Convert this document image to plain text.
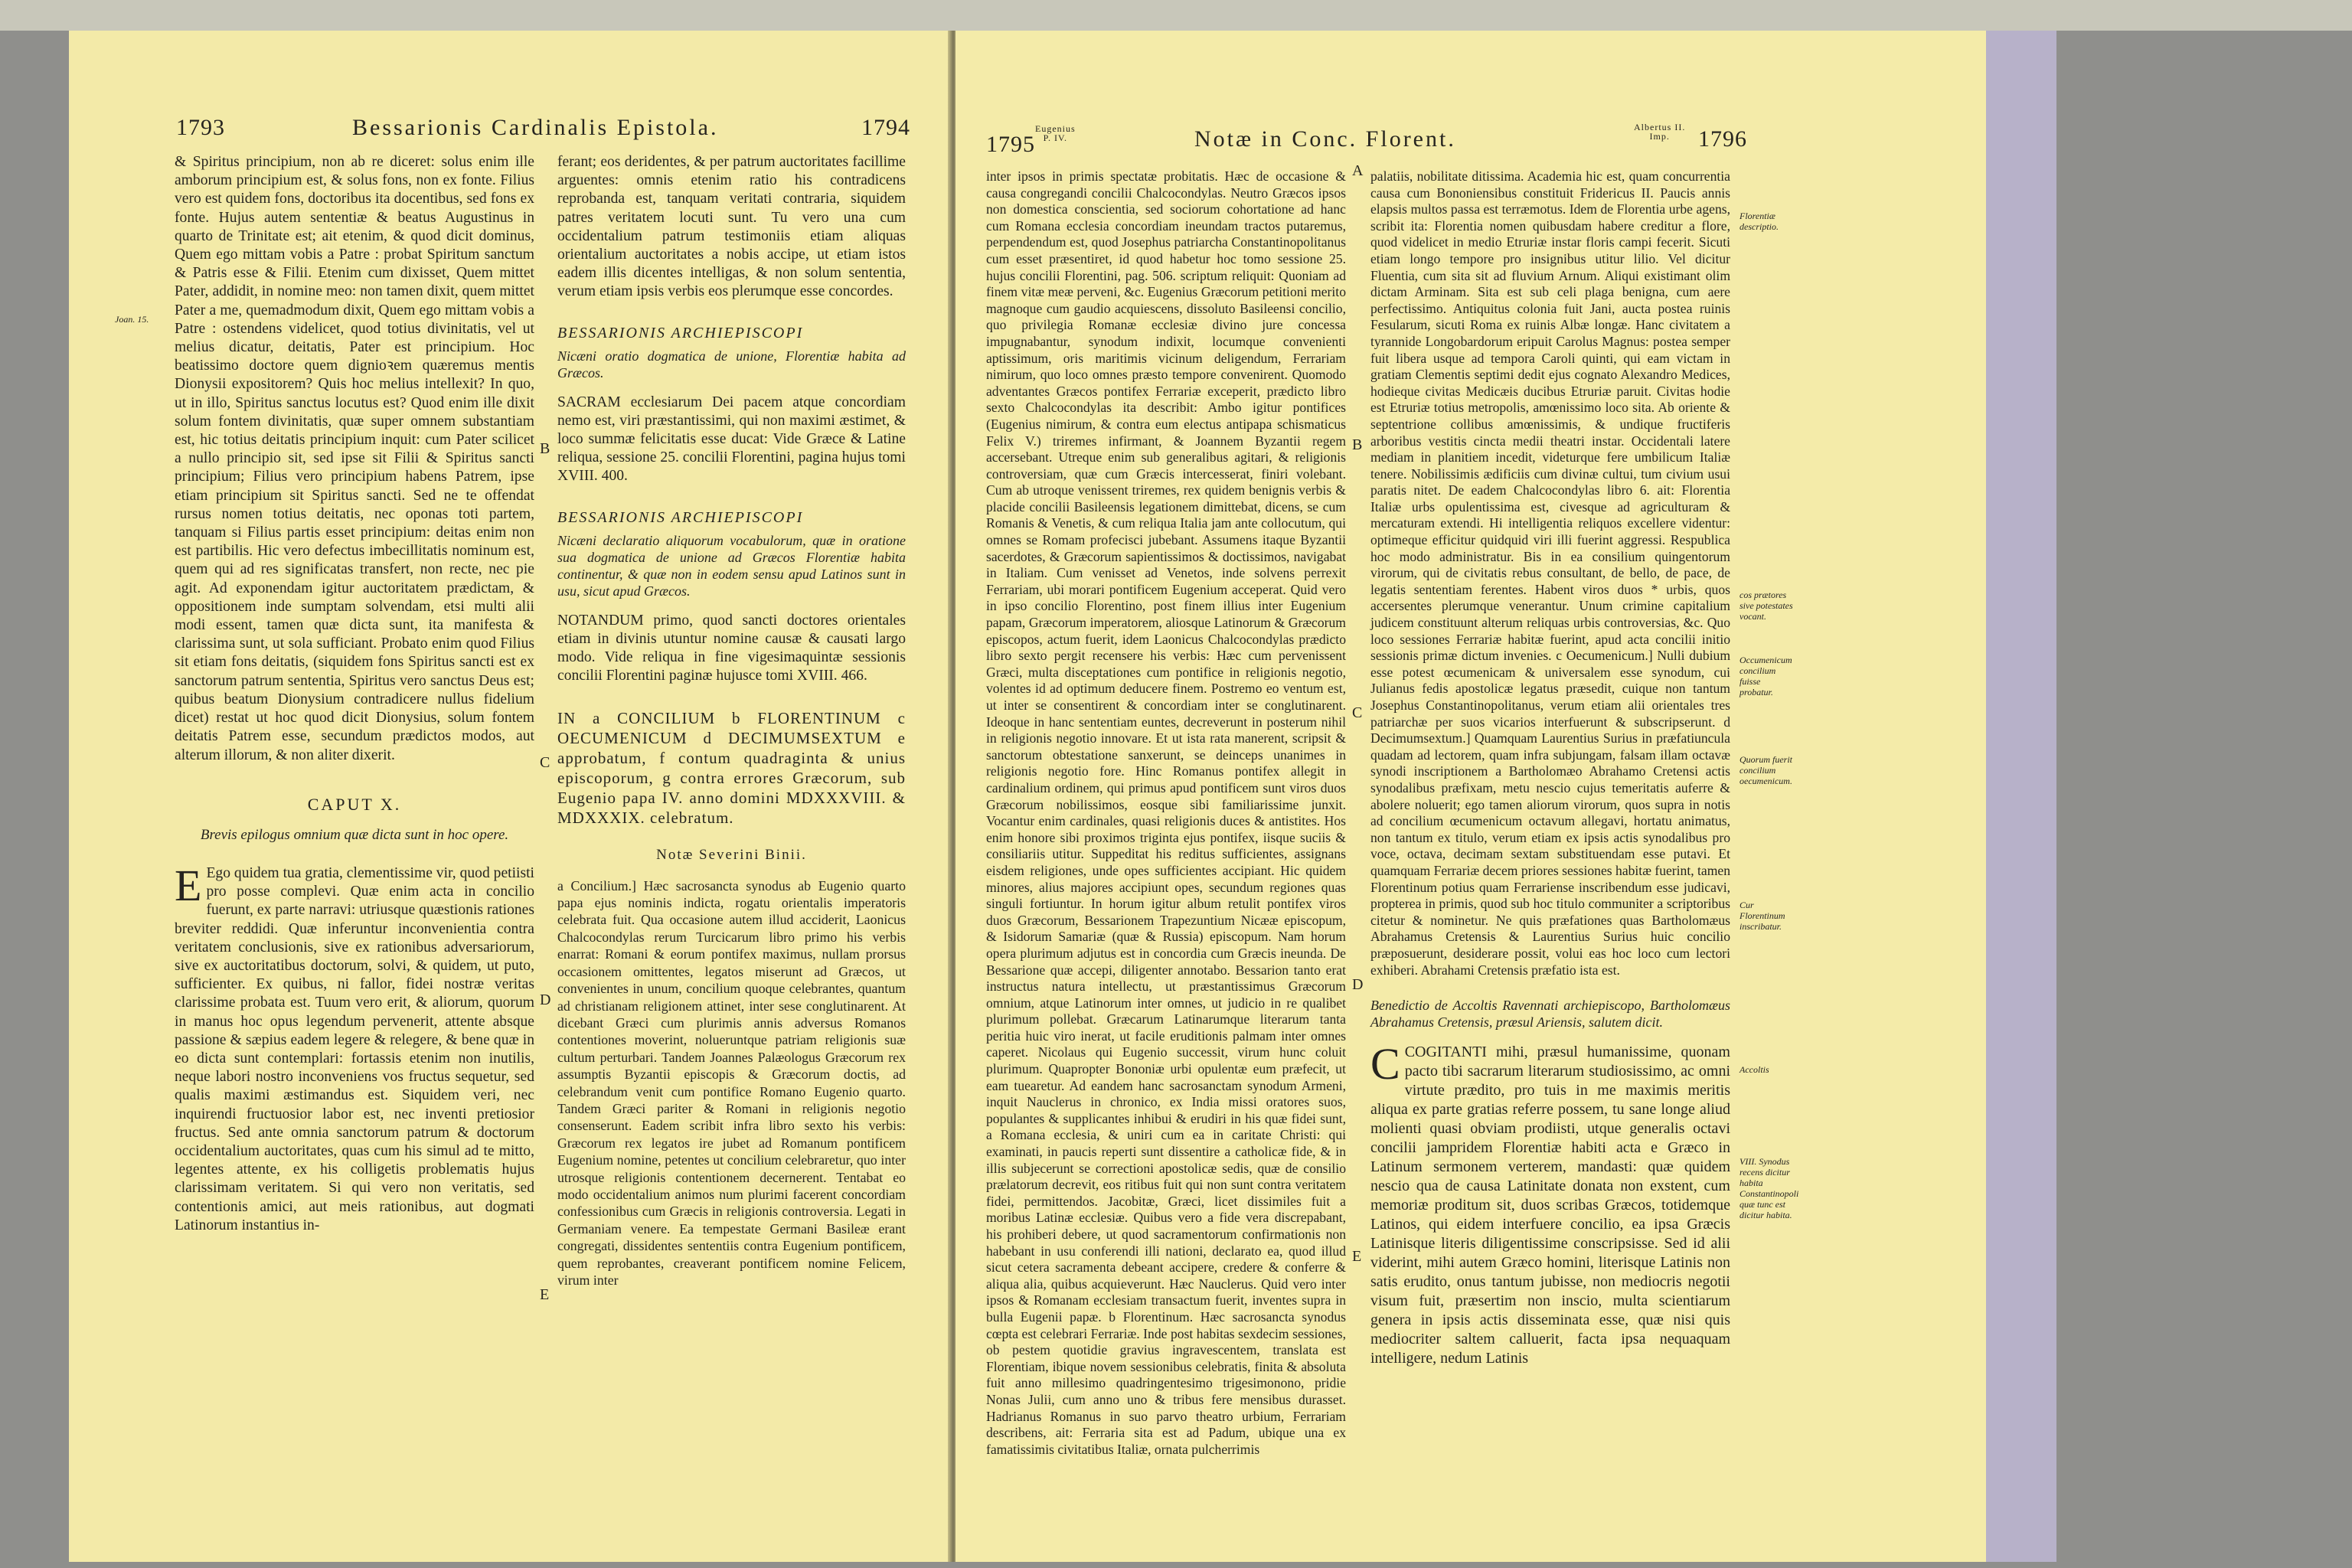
1793	Bessarionis Cardinalis Epistola.	1794

& Spiritus principium, non ab re diceret: solus enim ille amborum principium est, & solus fons, non ex fonte. Filius vero est quidem fons, doctoribus ita docentibus, sed fons ex fonte. Hujus autem sententiæ & beatus Augustinus in quarto de Trinitate est; ait etenim, & quod dicit dominus, Quem ego mittam vobis a Patre : probat Spiritum sanctum & Patris esse & Filii. Etenim cum dixisset, Quem mittet Pater, addidit, in nomine meo: non tamen dixit, quem mittet Pater a me, quemadmodum dixit, Quem ego mittam vobis a Patre : ostendens videlicet, quod totius divinitatis, vel ut melius dicatur, deitatis, Pater est principium. Hoc beatissimo doctore quem dignioꝛem quæremus mentis Dionysii expositorem? Quis hoc melius intellexit? In quo, ut in illo, Spiritus sanctus locutus est? Quod enim ille dixit solum fontem divinitatis, quæ super omnem substantiam est, hic totius deitatis principium inquit: cum Pater scilicet a nullo principio sit, sed ipse sit Filii & Spiritus sancti principium; Filius vero principium habens Patrem, ipse etiam principium sit Spiritus sancti. Sed ne te offendat rursus nomen totius deitatis, nec oponas toti partem, tanquam si Filius partis esset principium: deitas enim non est partibilis. Hic vero defectus imbecillitatis nominum est, quem qui ad res significatas transfert, non recte, nec pie agit. Ad exponendam igitur auctoritatem prædictam, & oppositionem inde sumptam solvendam, etsi multi alii modi essent, tamen quæ dicta sunt, ita manifesta & clarissima sunt, ut sola sufficiant. Probato enim quod Filius sit etiam fons deitatis, (siquidem fons Spiritus sancti est ex sanctorum patrum sententia, Spiritus vero sanctus Deus est; quibus beatum Dionysium contradicere nullus fidelium dicet) restat ut hoc quod dicit Dionysius, solum fontem deitatis Patrem esse, secundum prædictos modos, aut alterum illorum, & non aliter dixerit.

CAPUT X.
Brevis epilogus omnium quæ dicta sunt in hoc opere.

E Ego quidem tua gratia, clementissime vir, quod petiisti pro posse complevi. Quæ enim acta in concilio fuerunt, ex parte narravi: utriusque quæstionis rationes breviter reddidi. Quæ inferuntur inconvenientia contra veritatem conclusionis, sive ex rationibus adversariorum, sive ex auctoritatibus doctorum, solvi, & quidem, ut puto, sufficienter. Ex quibus, ni fallor, fidei nostræ veritas clarissime probata est. Tuum vero erit, & aliorum, quorum in manus hoc opus legendum pervenerit, attente absque passione & sæpius eadem legere & relegere, & bene quæ in eo dicta sunt contemplari: fortassis etenim non inutilis, neque labori nostro inconveniens vos fructus sequetur, sed qualis maximi æstimandus est. Siquidem veri, nec inquirendi fructuosior labor est, nec inventi pretiosior fructus. Sed ante omnia sanctorum patrum & doctorum occidentalium auctoritates, quas cum his simul ad te mitto, legentes attente, ex his colligetis problematis hujus clarissimam veritatem. Si qui vero non veritatis, sed contentionis amici, aut meis rationibus, aut dogmati Latinorum instantius in-

ferant; eos deridentes, & per patrum auctoritates facillime arguentes: omnis etenim ratio his contradicens reprobanda est, tanquam veritati contraria, siquidem patres veritatem locuti sunt. Tu vero una cum occidentalium patrum testimoniis etiam aliquas orientalium auctoritates a nobis accipe, ut etiam istos eadem illis dicentes intelligas, & non solum sententia, verum etiam ipsis verbis eos plerumque esse concordes.

BESSARIONIS ARCHIEPISCOPI
Nicæni oratio dogmatica de unione, Florentiæ habita ad Græcos.

SACRAM ecclesiarum Dei pacem atque concordiam nemo est, viri præstantissimi, qui non maximi æstimet, & loco summæ felicitatis esse ducat: Vide Græce & Latine reliqua, sessione 25. concilii Florentini, pagina hujus tomi XVIII. 400.

BESSARIONIS ARCHIEPISCOPI
Nicæni declaratio aliquorum vocabulorum, quæ in oratione sua dogmatica de unione ad Græcos Florentiæ habita continentur, & quæ non in eodem sensu apud Latinos sunt in usu, sicut apud Græcos.

NOTANDUM primo, quod sancti doctores orientales etiam in divinis utuntur nomine causæ & causati largo modo. Vide reliqua in fine vigesimaquintæ sessionis concilii Florentini paginæ hujusce tomi XVIII. 466.

IN a CONCILIUM b FLORENTINUM c OECUMENICUM d DECIMUMSEXTUM e approbatum, f contum quadraginta & unius episcoporum, g contra errores Græcorum, sub Eugenio papa IV. anno domini MDXXXVIII. & MDXXXIX. celebratum.
Notæ Severini Binii.

a Concilium.] Hæc sacrosancta synodus ab Eugenio quarto papa ejus nominis indicta, rogatu orientalis imperatoris celebrata fuit. Qua occasione autem illud acciderit, Laonicus Chalcocondylas rerum Turcicarum libro primo his verbis enarrat: Romani & eorum pontifex maximus, nullam prorsus occasionem omittentes, legatos miserunt ad Græcos, ut convenientes in unum, concilium quoque celebrantes, quantum ad christianam religionem attinet, inter sese conglutinarent. At dicebant Græci cum plurimis annis adversus Romanos contentiones moverint, nolueruntque patriam religionis suæ cultum perturbari. Tandem Joannes Palæologus Græcorum rex assumptis Byzantii episcopis & Græcorum doctis, ad celebrandum venit cum pontifice Romano Eugenio quarto. Tandem Græci pariter & Romani in religionis negotio consenserunt. Eadem scribit infra libro sexto his verbis: Græcorum rex legatos ire jubet ad Romanum pontificem Eugenium nomine, petentes ut concilium celebraretur, quo inter utrosque religionis contentionem decernerent. Tentabat eo modo occidentalium animos num plurimi facerent concordiam confessionibus cum Græcis in religionis controversia. Legati in Germaniam venere. Ea tempestate Germani Basileæ erant congregati, dissidentes sententiis contra Eugenium pontificem, quem reprobantes, creaverant pontificem nomine Felicem, virum inter

Joan. 15.
B
C
D
E
1795
Eugenius
P. IV.	Notæ in Conc. Florent.	Albertus II.
Imp.	1796

inter ipsos in primis spectatæ probitatis. Hæc de occasione & causa congregandi concilii Chalcocondylas. Neutro Græcos ipsos non domestica conscientia, sed sociorum cohortatione ad hanc cum Romana ecclesia concordiam ineundam tractos putaremus, perpendendum est, quod Josephus patriarcha Constantinopolitanus cum esset præsentiret, id quod habetur hoc tomo sessione 25. hujus concilii Florentini, pag. 506. scriptum reliquit: Quoniam ad finem vitæ meæ perveni, &c. Eugenius Græcorum petitioni merito magnoque cum gaudio acquiescens, dissoluto Basileensi concilio, quo privilegia Romanæ ecclesiæ divino jure concessa impugnabantur, synodum indixit, locumque convenienti aptissimum, oris maritimis vicinum deligendum, Ferrariam nimirum, quo loco omnes præsto tempore convenirent. Quomodo adventantes Græcos pontifex Ferrariæ exceperit, prædicto libro sexto Chalcocondylas ita describit: Ambo igitur pontifices (Eugenius nimirum, & contra eum electus antipapa schismaticus Felix V.) triremes infirmant, & Joannem Byzantii regem accersebant. Utreque enim sub generalibus agitari, & religionis controversiam, quæ cum Græcis intercesserat, finiri volebant. Cum ab utroque venissent triremes, rex quidem benignis verbis & placide concilii Basileensis legationem dimittebat, dicens, se cum Romanis & Venetis, & cum reliqua Italia jam ante collocutum, qui omnes se Romam profecisci jubebant. Assumens itaque Byzantii sacerdotes, & Græcorum sapientissimos & doctissimos, navigabat in Italiam. Cum venisset ad Venetos, inde solvens perrexit Ferrariam, ubi morari pontificem Eugenium acceperat. Quid vero in ipso concilio Florentino, post finem illius inter Eugenium papam, Græcorum imperatorem, aliosque Latinorum & Græcorum episcopos, actum fuerit, idem Laonicus Chalcocondylas prædicto libro sexto pergit recensere his verbis: Hæc cum pervenissent Græci, multa disceptationes cum pontifice in religionis negotio, volentes id ad optimum deducere finem. Postremo eo ventum est, ut inter se consentirent & concordiam inter se conglutinarent. Ideoque in hanc sententiam euntes, decreverunt in posterum nihil in religionis negotio innovare. Et ut ista rata manerent, scripsit & sanctorum obtestatione sanxerunt, se deinceps unanimes in religionis negotio fore. Hinc Romanus pontifex allegit in cardinalium ordinem, qui primus apud pontificem sunt viros duos Græcorum nobilissimos, eosque sibi familiarissime junxit. Vocantur enim cardinales, quasi religionis duces & antistites. Hos enim honore sibi proximos triginta ejus pontifex, iisque suciis & consiliariis utitur. Suppeditat his reditus sufficientes, assignans eisdem religiones, unde opes sufficientes accipiant. Hic quidem minores, alius majores accipiunt opes, secundum regiones quas singuli fortiuntur. In horum igitur album retulit pontifex viros duos Græcorum, Bessarionem Trapezuntium Nicææ episcopum, & Isidorum Samariæ (quæ & Russia) episcopum. Nam horum opera plurimum adjutus est in concordia cum Græcis ineunda. De Bessarione quæ accepi, diligenter annotabo. Bessarion tanto erat instructus natura intellectu, ut præstantissimus Græcorum omnium, atque Latinorum inter omnes, ut judicio in re qualibet plurimum pollebat. Græcarum Latinarumque literarum tanta peritia huic viro inerat, ut facile eruditionis palmam inter omnes caperet. Nicolaus qui Eugenio successit, virum hunc coluit plurimum. Quapropter Bononiæ urbi opulentæ eum præfecit, ut eam tuearetur. Ad eandem hanc sacrosanctam synodum Armeni, inquit Nauclerus in chronico, ex India missi oratores suos, populantes & supplicantes inhibui & erudiri in his quæ fidei sunt, a Romana ecclesia, & uniri cum ea in caritate Christi: qui examinati, in paucis reperti sunt dissentire a catholicæ fide, & in illis subjecerunt se correctioni apostolicæ sedis, quæ de consilio prælatorum decrevit, eos ritibus fuit qui non sunt contra veritatem fidei, permittendos. Jacobitæ, Græci, licet dissimiles fuit a moribus Latinæ ecclesiæ. Quibus vero a fide vera discrepabant, his prohiberi debere, ut quod sacramentorum confirmationis non habebant in usu conferendi illi nationi, declarato ea, quod illud sicut cetera sacramenta debeant accipere, credere & conferre & aliqua alia, quibus acquieverunt. Hæc Nauclerus. Quid vero inter ipsos & Romanam ecclesiam transactum fuerit, inventes supra in bulla Eugenii papæ. b Florentinum. Hæc sacrosancta synodus cœpta est celebrari Ferrariæ. Inde post habitas sexdecim sessiones, ob pestem quotidie gravius ingravescentem, translata est Florentiam, ibique novem sessionibus celebratis, finita & absoluta fuit anno millesimo quadringentesimo trigesimonono, pridie Nonas Julii, cum anno uno & tribus fere mensibus durasset. Hadrianus Romanus in suo parvo theatro urbium, Ferrariam describens, ait: Ferraria sita est ad Padum, ubique una ex famatissimis civitatibus Italiæ, ornata pulcherrimis

palatiis, nobilitate ditissima. Academia hic est, quam concurrentia causa cum Bononiensibus constituit Fridericus II. Paucis annis elapsis multos passa est terræmotus. Idem de Florentia urbe agens, scribit ita: Florentia nomen quibusdam habere creditur a flore, quod videlicet in medio Etruriæ instar floris campi fecerit. Sicuti etiam longo tempore pro insignibus utitur lilio. Vel dicitur Fluentia, cum sita sit ad fluvium Arnum. Aliqui existimant olim dictam Arminam. Sita est sub celi plaga benigna, cum aere perfectissimo. Antiquitus colonia fuit Jani, aucta postea ruinis Fesularum, sicuti Roma ex ruinis Albæ longæ. Hanc civitatem a tyrannide Longobardorum eripuit Carolus Magnus: postea semper fuit libera usque ad tempora Caroli quinti, qui eam victam in gratiam Clementis septimi dedit ejus cognato Alexandro Medices, hodieque civitas Medicæis ducibus Etruriæ paruit. Civitas hodie est Etruriæ totius metropolis, amœnissimo loco sita. Ab oriente & septentrione collibus amœnissimis, & undique fructiferis arboribus vestitis cincta medii theatri instar. Occidentali latere mediam in planitiem incedit, videturque fere umbilicum Italiæ tenere. Nobilissimis ædificiis cum divinæ cultui, tum civium usui paratis nitet. De eadem Chalcocondylas libro 6. ait: Florentia Italiæ urbs opulentissima est, civesque ad agriculturam & mercaturam extendi. Hi intelligentia reliquos excellere videntur: optimeque efficitur quidquid viri illi fuerint aggressi. Respublica hoc modo administratur. Bis in ea consilium quingentorum virorum, qui de civitatis rebus consultant, de bello, de pace, de legatis sententiam ferentes. Habent viros duos * urbis, quos accersentes plerumque venerantur. Unum crimine capitalium judicem constituunt alterum reliquas urbis controversias, &c. Quo loco sessiones Ferrariæ habitæ fuerint, apud acta concilii initio sessionis primæ dictum invenies. c Oecumenicum.] Nulli dubium esse potest œcumenicam & universalem esse synodum, cui Julianus fedis apostolicæ legatus præsedit, cuique non tantum Josephus Constantinopolitanus, verum etiam alii orientales tres patriarchæ per suos vicarios interfuerunt & subscripserunt. d Decimumsextum.] Quamquam Laurentius Surius in præfatiuncula quadam ad lectorem, quam infra subjungam, falsam illam octavæ synodi inscriptionem a Bartholomæo Abrahamo Cretensi actis synodalibus præfixam, metu nescio cujus temeritatis auferre & abolere noluerit; ego tamen aliorum virorum, quos supra in notis ad concilium œcumenicum octavum allegavi, hortatu animatus, non tantum ex titulo, verum etiam ex ipsis actis synodalibus pro voce, octava, decimam sextam substituendam esse putavi. Et quamquam Ferrariæ decem priores sessiones habitæ fuerint, tamen Florentinum potius quam Ferrariense inscribendum esse judicavi, propterea in primis, quod sub hoc titulo communiter a scriptoribus citetur & nominetur. Ne quis præfationes quas Bartholomæus Abrahamus Cretensis & Laurentius Surius huic concilio præposuerunt, desiderare possit, volui eas hoc loco cum lectori exhiberi. Abrahami Cretensis præfatio ista est.

Benedictio de Accoltis Ravennati archiepiscopo, Bartholomæus Abrahamus Cretensis, præsul Ariensis, salutem dicit.

CCOGITANTI mihi, præsul humanissime, quonam pacto tibi sacrarum literarum studiosissimo, ac omni virtute prædito, pro tuis in me maximis meritis aliqua ex parte gratias referre possem, tu sane longe aliud molienti quasi obviam prodiisti, utque generalis octavi concilii jampridem Florentiæ habiti acta e Græco in Latinum sermonem verterem, mandasti: quæ quidem nescio qua de causa Latinitate donata non exstent, cum memoriæ proditum sit, duos scribas Græcos, totidemque Latinos, qui eidem interfuere concilio, ea ipsa Græcis Latinisque literis diligentissime conscripsisse. Sed id alii viderint, mihi autem Græco homini, literisque Latinis non satis erudito, onus tantum jubisse, non mediocris negotii visum fuit, præsertim non inscio, multa scientiarum genera in ipsis actis disseminata esse, quæ nisi quis mediocriter saltem calluerit, facta ipsa nequaquam intelligere, nedum Latinis

A
B
C
D
E
Florentiæ descriptio.
cos prætores sive potestates vocant.
Occumenicum concilium fuisse probatur.
Quorum fuerit concilium oecumenicum.
Cur Florentinum inscribatur.
Accoltis
VIII. Synodus recens dicitur habita Constantinopoli quæ tunc est dicitur habita.
